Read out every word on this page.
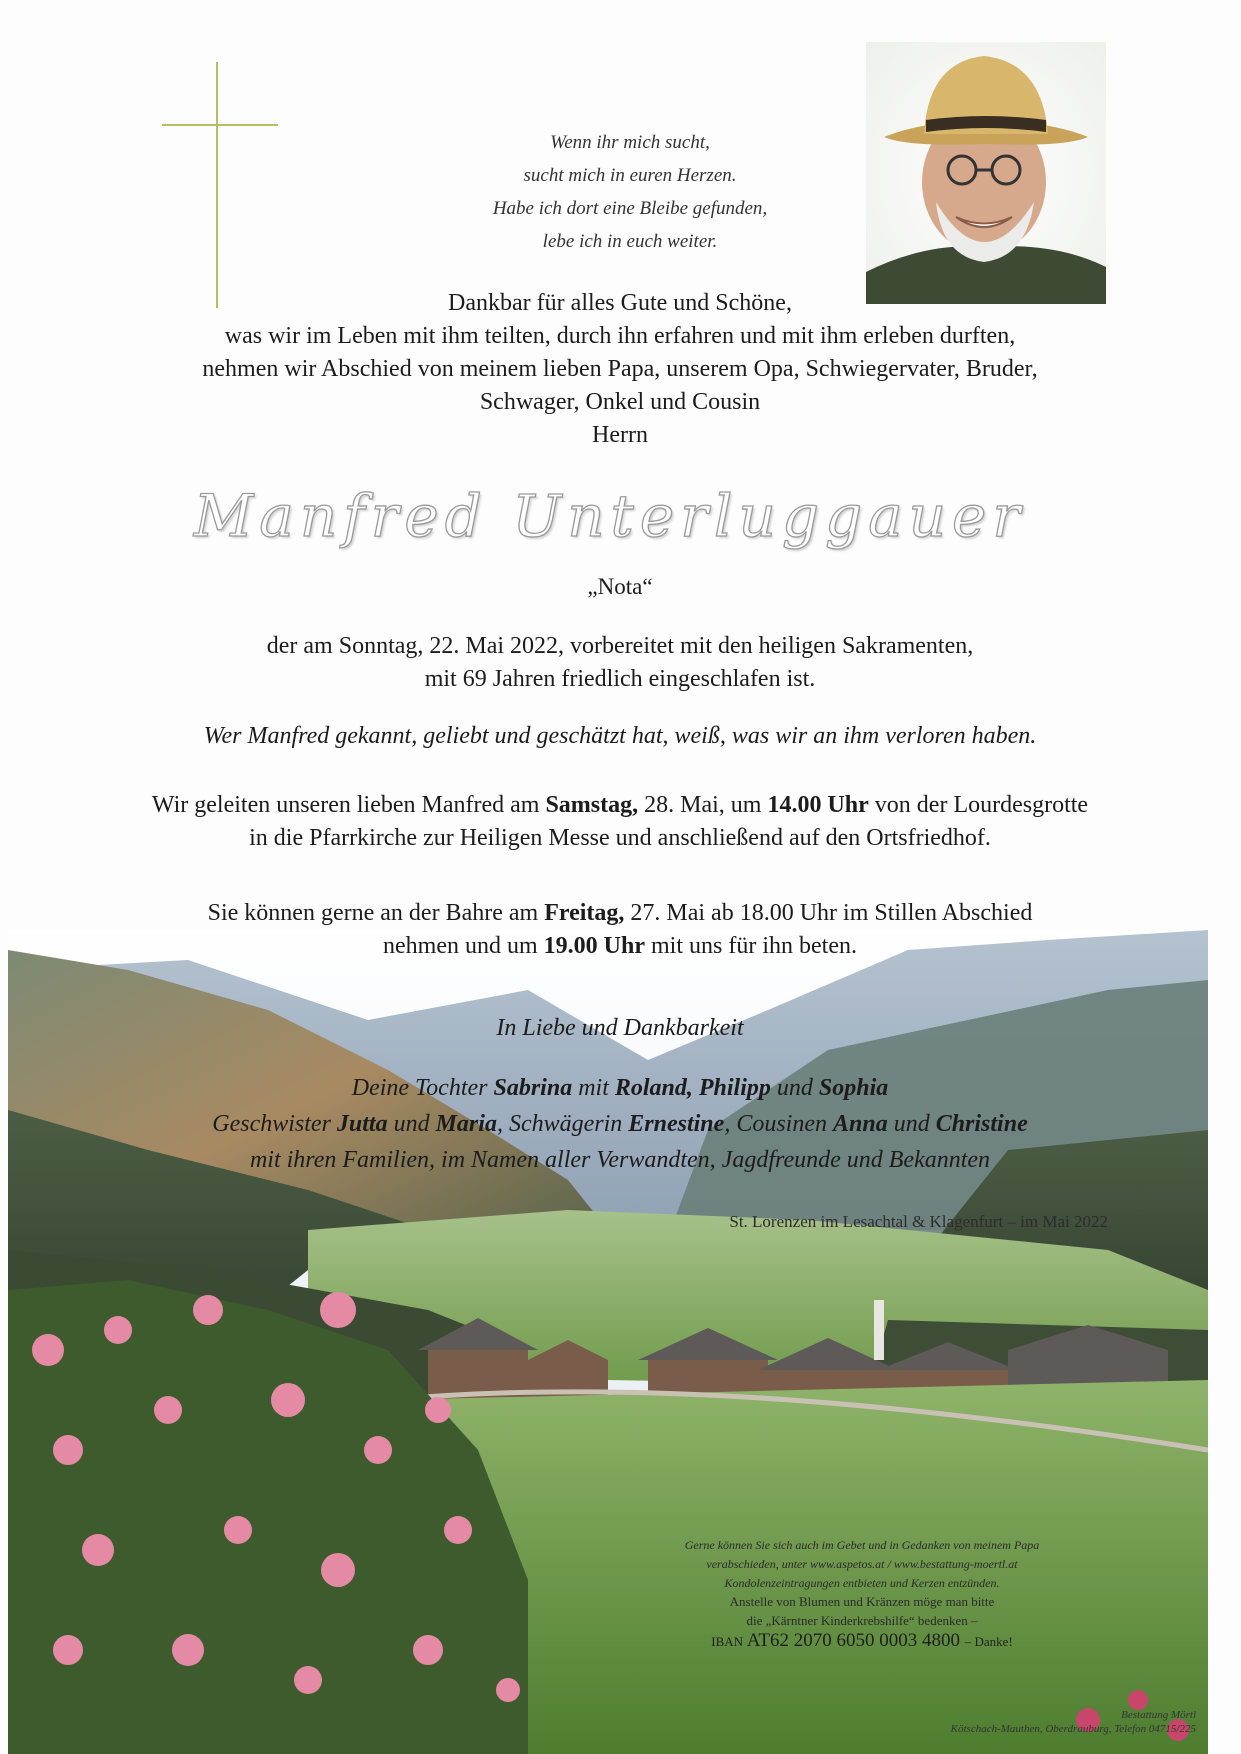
Wenn ihr mich sucht,
sucht mich in euren Herzen.
Habe ich dort eine Bleibe gefunden,
lebe ich in euch weiter.
Dankbar für alles Gute und Schöne,
was wir im Leben mit ihm teilten, durch ihn erfahren und mit ihm erleben durften,
nehmen wir Abschied von meinem lieben Papa, unserem Opa, Schwiegervater, Bruder,
Schwager, Onkel und Cousin
Herrn
Manfred Unterluggauer
„Nota“
der am Sonntag, 22. Mai 2022, vorbereitet mit den heiligen Sakramenten,
mit 69 Jahren friedlich eingeschlafen ist.
Wer Manfred gekannt, geliebt und geschätzt hat, weiß, was wir an ihm verloren haben.
Wir geleiten unseren lieben Manfred am Samstag, 28. Mai, um 14.00 Uhr von der Lourdesgrotte
in die Pfarrkirche zur Heiligen Messe und anschließend auf den Ortsfriedhof.
Sie können gerne an der Bahre am Freitag, 27. Mai ab 18.00 Uhr im Stillen Abschied
nehmen und um 19.00 Uhr mit uns für ihn beten.
In Liebe und Dankbarkeit
Deine Tochter Sabrina mit Roland, Philipp und Sophia
Geschwister Jutta und Maria, Schwägerin Ernestine, Cousinen Anna und Christine
mit ihren Familien, im Namen aller Verwandten, Jagdfreunde und Bekannten
St. Lorenzen im Lesachtal & Klagenfurt – im Mai 2022
Gerne können Sie sich auch im Gebet und in Gedanken von meinem Papa
verabschieden, unter www.aspetos.at / www.bestattung-moertl.at
Kondolenzeintragungen entbieten und Kerzen entzünden.
Anstelle von Blumen und Kränzen möge man bitte
die „Kärntner Kinderkrebshilfe“ bedenken –
IBAN AT62 2070 6050 0003 4800 – Danke!
Bestattung Mörtl
Kötschach-Mauthen, Oberdrauburg, Telefon 04715/225
